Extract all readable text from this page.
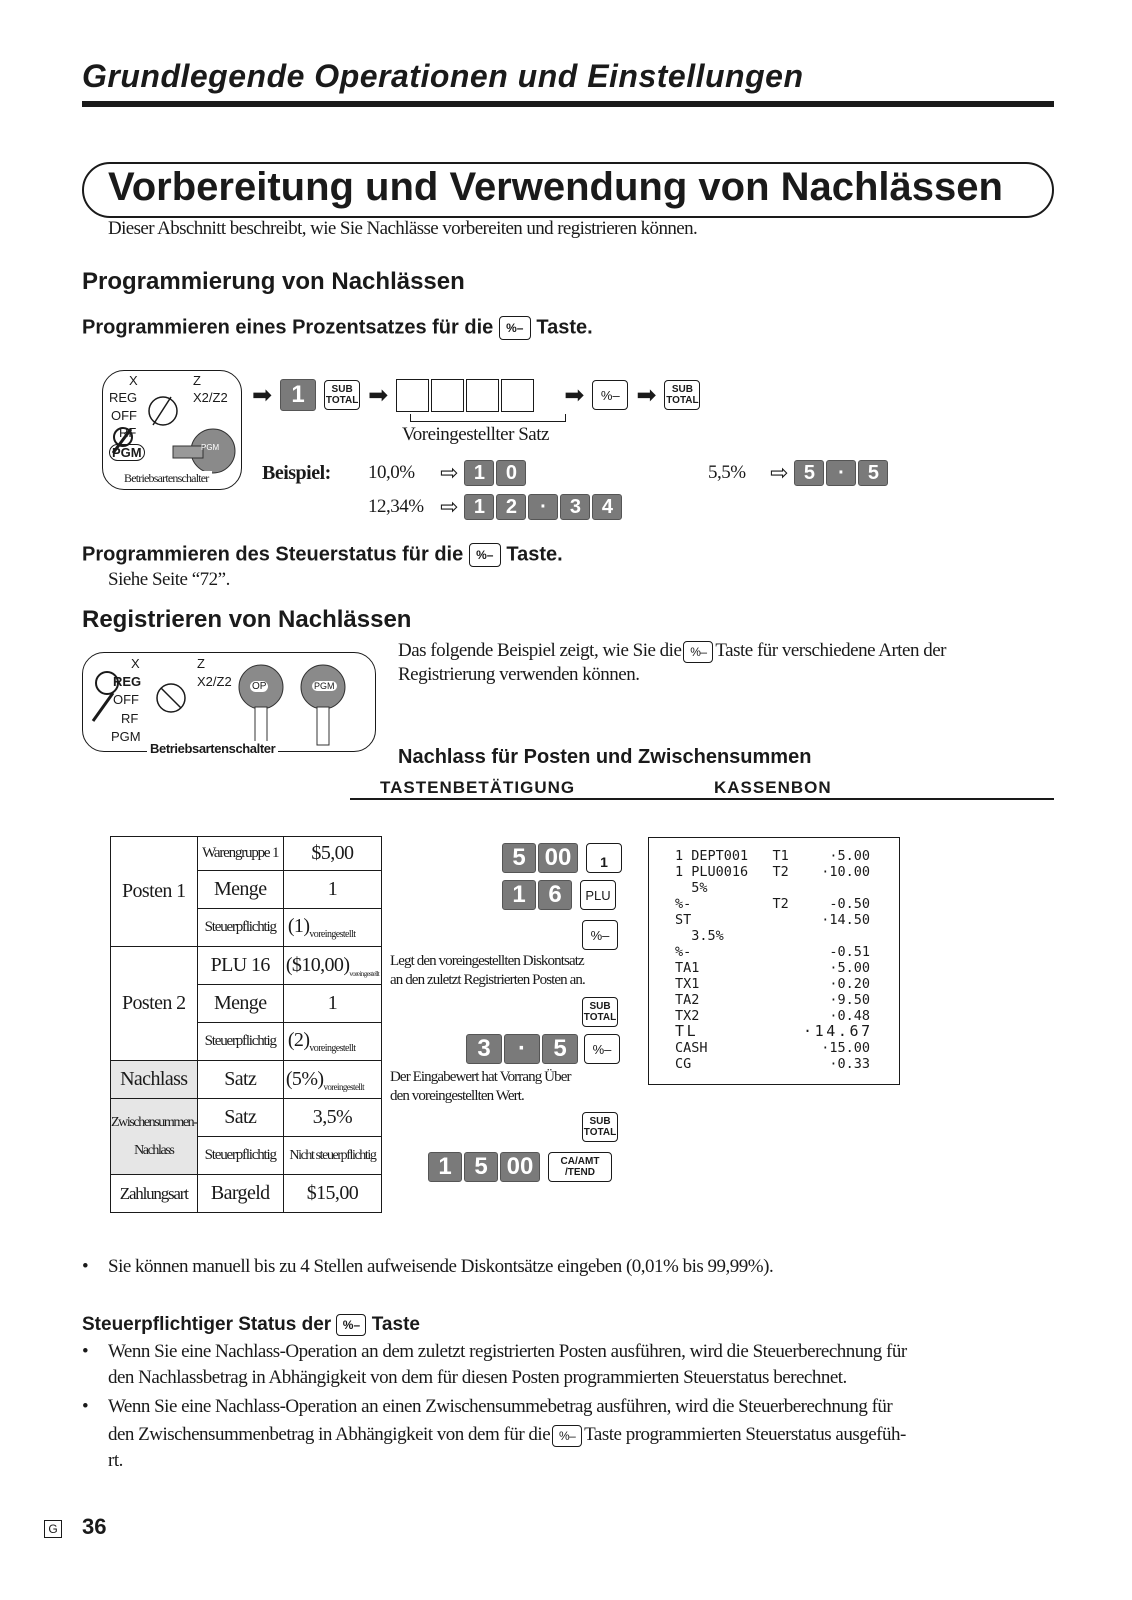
Grundlegende Operationen und Einstellungen
Vorbereitung und Verwendung von Nachlässen
Dieser Abschnitt beschreibt, wie Sie Nachlässe vorbereiten und registrieren können.
Programmierung von Nachlässen
Programmieren eines Prozentsatzes für die %– Taste.
X	Z
REG	X2/Z2
OFF
RF
PGM	PGM
Betriebsartenschalter
➡ 1	SUB
TOTAL ➡	➡	%– ➡ SUB
TOTAL
Voreingestellter Satz
Beispiel: 10,0%	⇨ 1	0	5,5%	⇨ 5	·	5
12,34% ⇨ 1	2	·	3	4
Programmieren des Steuerstatus für die %– Taste.
Siehe Seite “72”.
Registrieren von Nachlässen
X	Z
REG	X2/Z2
OFF
RF
PGM
OP	PGM
Betriebsartenschalter
Das folgende Beispiel zeigt, wie Sie die %– Taste für verschiedene Arten der
Registrierung verwenden können.
Nachlass für Posten und Zwischensummen
TASTENBETÄTIGUNG	KASSENBON
Posten 1	Warengruppe 1	$5,00
	Menge	1
	Steuerpflichtig	$(1)_{voreingestellt}$
Posten 2	PLU 16	$(\$10,00)_{voreingestellt}$
	Menge	1
	Steuerpflichtig	$(2)_{voreingestellt}$
Nachlass	Satz	$(5\%)_{voreingestellt}$
Zwischensummen-
Nachlass	Satz	3,5%
	Steuerpflichtig	Nicht steuerpflichtig
Zahlungsart	Bargeld	$15,00
5 00	1
1 6	PLU
%–
Legt den voreingestellten Diskontsatz
an den zuletzt Registrierten Posten an.
SUB
TOTAL
3	·	5	%–
Der Eingabewert hat Vorrang Über
den voreingestellten Wert.
SUB
TOTAL
1 5 00	CA/AMT
/TEND
1 DEPT001   T1     ·5.00
1 PLU0016   T2    ·10.00
5%
%-          T2     -0.50
ST                ·14.50
3.5%
%-                 -0.51
TA1                ·5.00
TX1                ·0.20
TA2                ·9.50
TX2                ·0.48
TL         ·14.67
CASH              ·15.00
CG                 ·0.33
• Sie können manuell bis zu 4 Stellen aufweisende Diskontsätze eingeben (0,01% bis 99,99%).
Steuerpflichtiger Status der %– Taste
• Wenn Sie eine Nachlass-Operation an dem zuletzt registrierten Posten ausführen, wird die Steuerberechnung für
den Nachlassbetrag in Abhängigkeit von dem für diesen Posten programmierten Steuerstatus berechnet.
• Wenn Sie eine Nachlass-Operation an einen Zwischensummebetrag ausführen, wird die Steuerberechnung für
den Zwischensummenbetrag in Abhängigkeit von dem für die %– Taste programmierten Steuerstatus ausgefüh-
rt.
G 36
